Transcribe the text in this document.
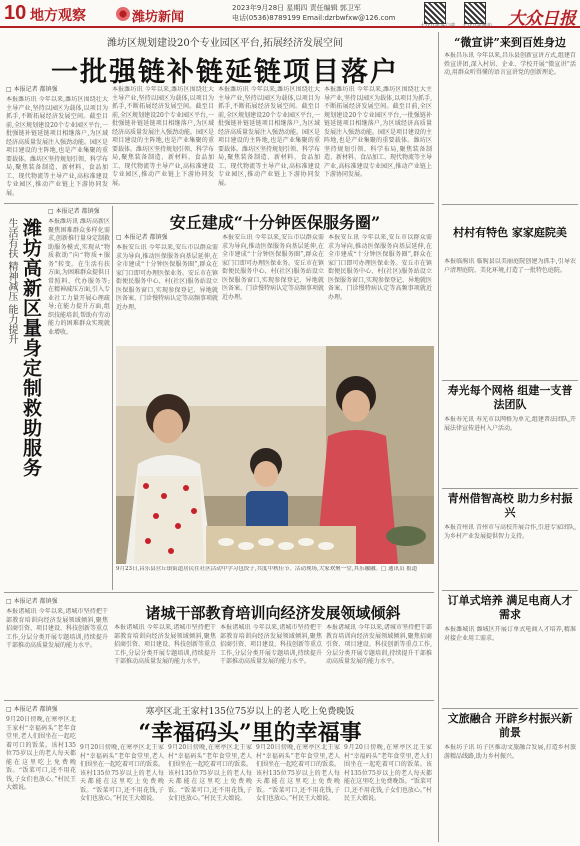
10 地方观察	潍坊新闻
2023年9月28日 星期四 责任编辑 郭卫军
电话(0536)8789199 Email:dzrbwfxw@126.com
大众日报客户端 大众日报潍坊 大众日报
潍坊区规划建设20个专业园区平台,拓展经济发展空间
一批强链补链延链项目落户
□ 本报记者 都镇强
本报潍坊讯 今年以来,潍坊区围绕壮大主导产业,坚持以园区为载体,以项目为抓手,不断拓展经济发展空间。截至目前,全区规划建设20个专业园区平台,一批强链补链延链项目相继落户,为区域经济高质量发展注入强劲动能。园区是项目建设的主阵地,也是产业集聚的重要载体。潍坊区坚持规划引领、科学布局,聚焦装备制造、新材料、食品加工、现代物流等主导产业,高标准建设专业园区,推动产业链上下游协同发展。
本报潍坊讯 今年以来,潍坊区围绕壮大主导产业,坚持以园区为载体,以项目为抓手,不断拓展经济发展空间。截至目前,全区规划建设20个专业园区平台,一批强链补链延链项目相继落户,为区域经济高质量发展注入强劲动能。园区是项目建设的主阵地,也是产业集聚的重要载体。潍坊区坚持规划引领、科学布局,聚焦装备制造、新材料、食品加工、现代物流等主导产业,高标准建设专业园区,推动产业链上下游协同发展。
本报潍坊讯 今年以来,潍坊区围绕壮大主导产业,坚持以园区为载体,以项目为抓手,不断拓展经济发展空间。截至目前,全区规划建设20个专业园区平台,一批强链补链延链项目相继落户,为区域经济高质量发展注入强劲动能。园区是项目建设的主阵地,也是产业集聚的重要载体。潍坊区坚持规划引领、科学布局,聚焦装备制造、新材料、食品加工、现代物流等主导产业,高标准建设专业园区,推动产业链上下游协同发展。
本报潍坊讯 今年以来,潍坊区围绕壮大主导产业,坚持以园区为载体,以项目为抓手,不断拓展经济发展空间。截至目前,全区规划建设20个专业园区平台,一批强链补链延链项目相继落户,为区域经济高质量发展注入强劲动能。园区是项目建设的主阵地,也是产业集聚的重要载体。潍坊区坚持规划引领、科学布局,聚焦装备制造、新材料、食品加工、现代物流等主导产业,高标准建设专业园区,推动产业链上下游协同发展。
潍坊高新区量身定制救助服务
生活有扶 精神减压 能力提升
□ 本报记者 都镇强
本报潍坊讯 潍坊高新区聚焦困难群众多样化需求,创新推行量身定制救助服务模式,实现从“物质救助”向“物质+服务”转变。在生活有扶方面,为困难群众提供日常照料、代办服务等;在精神减压方面,引入专业社工力量开展心理疏导;在能力提升方面,组织技能培训,帮助有劳动能力的困难群众实现就业增收。
安丘建成“十分钟医保服务圈”
□ 本报记者 都镇强
本报安丘讯 今年以来,安丘市以群众需求为导向,推动医保服务向基层延伸,在全市建成“十分钟医保服务圈”,群众在家门口即可办理医保业务。安丘市在镇街便民服务中心、村(社区)服务站设立医保服务窗口,实现参保登记、异地就医备案、门诊慢特病认定等高频事项就近办理。
本报安丘讯 今年以来,安丘市以群众需求为导向,推动医保服务向基层延伸,在全市建成“十分钟医保服务圈”,群众在家门口即可办理医保业务。安丘市在镇街便民服务中心、村(社区)服务站设立医保服务窗口,实现参保登记、异地就医备案、门诊慢特病认定等高频事项就近办理。
本报安丘讯 今年以来,安丘市以群众需求为导向,推动医保服务向基层延伸,在全市建成“十分钟医保服务圈”,群众在家门口即可办理医保业务。安丘市在镇街便民服务中心、村(社区)服务站设立医保服务窗口,实现参保登记、异地就医备案、门诊慢特病认定等高频事项就近办理。
9月23日,昌乐县营丘镇街道居民在社区活动中学习包饺子,共度中秋佳节。活动现场,大家欢聚一堂,其乐融融。□ 通讯员 报道
□ 本报记者 都镇强
本报诸城讯 今年以来,诸城市坚持把干部教育培训向经济发展领域倾斜,聚焦招商引资、项目建设、科技创新等重点工作,分层分类开展专题培训,持续提升干部推动高质量发展的能力水平。
诸城干部教育培训向经济发展领域倾斜
本报诸城讯 今年以来,诸城市坚持把干部教育培训向经济发展领域倾斜,聚焦招商引资、项目建设、科技创新等重点工作,分层分类开展专题培训,持续提升干部推动高质量发展的能力水平。
本报诸城讯 今年以来,诸城市坚持把干部教育培训向经济发展领域倾斜,聚焦招商引资、项目建设、科技创新等重点工作,分层分类开展专题培训,持续提升干部推动高质量发展的能力水平。
本报诸城讯 今年以来,诸城市坚持把干部教育培训向经济发展领域倾斜,聚焦招商引资、项目建设、科技创新等重点工作,分层分类开展专题培训,持续提升干部推动高质量发展的能力水平。
寒亭区北王家村135位75岁以上的老人吃上免费晚饭
“幸福码头”里的幸福事
□ 本报记者 都镇强
9月20日傍晚,在寒亭区北王家村“幸福码头”老年食堂里,老人们围坐在一起吃着可口的饭菜。该村135位75岁以上的老人每天都能在这里吃上免费晚饭。“饭菜可口,还不用花钱,子女们也放心。”村民王大娘说。
9月20日傍晚,在寒亭区北王家村“幸福码头”老年食堂里,老人们围坐在一起吃着可口的饭菜。该村135位75岁以上的老人每天都能在这里吃上免费晚饭。“饭菜可口,还不用花钱,子女们也放心。”村民王大娘说。
9月20日傍晚,在寒亭区北王家村“幸福码头”老年食堂里,老人们围坐在一起吃着可口的饭菜。该村135位75岁以上的老人每天都能在这里吃上免费晚饭。“饭菜可口,还不用花钱,子女们也放心。”村民王大娘说。
9月20日傍晚,在寒亭区北王家村“幸福码头”老年食堂里,老人们围坐在一起吃着可口的饭菜。该村135位75岁以上的老人每天都能在这里吃上免费晚饭。“饭菜可口,还不用花钱,子女们也放心。”村民王大娘说。
9月20日傍晚,在寒亭区北王家村“幸福码头”老年食堂里,老人们围坐在一起吃着可口的饭菜。该村135位75岁以上的老人每天都能在这里吃上免费晚饭。“饭菜可口,还不用花钱,子女们也放心。”村民王大娘说。
“微宣讲”来到百姓身边
本报昌乐讯 今年以来,昌乐县创新宣讲方式,组建百姓宣讲团,深入村居、企业、学校开展“微宣讲”活动,用群众听得懂的语言宣讲党的创新理论。
村村有特色 家家庭院美
本报临朐讯 临朐县以美丽庭院创建为抓手,引导农户清理庭院、美化环境,打造了一批特色庭院。
寿光每个网格 组建一支普法团队
本报寿光讯 寿光市以网格为单元,组建普法团队,开展法律宣传进村入户活动。
青州借智高校 助力乡村振兴
本报青州讯 青州市与高校开展合作,引进专家团队,为乡村产业发展提供智力支持。
订单式培养 满足电商人才需求
本报潍城讯 潍城区开展订单式电商人才培养,精准对接企业用工需求。
文旅融合 开辟乡村振兴新前景
本报坊子讯 坊子区推动文旅融合发展,打造乡村旅游精品线路,助力乡村振兴。
